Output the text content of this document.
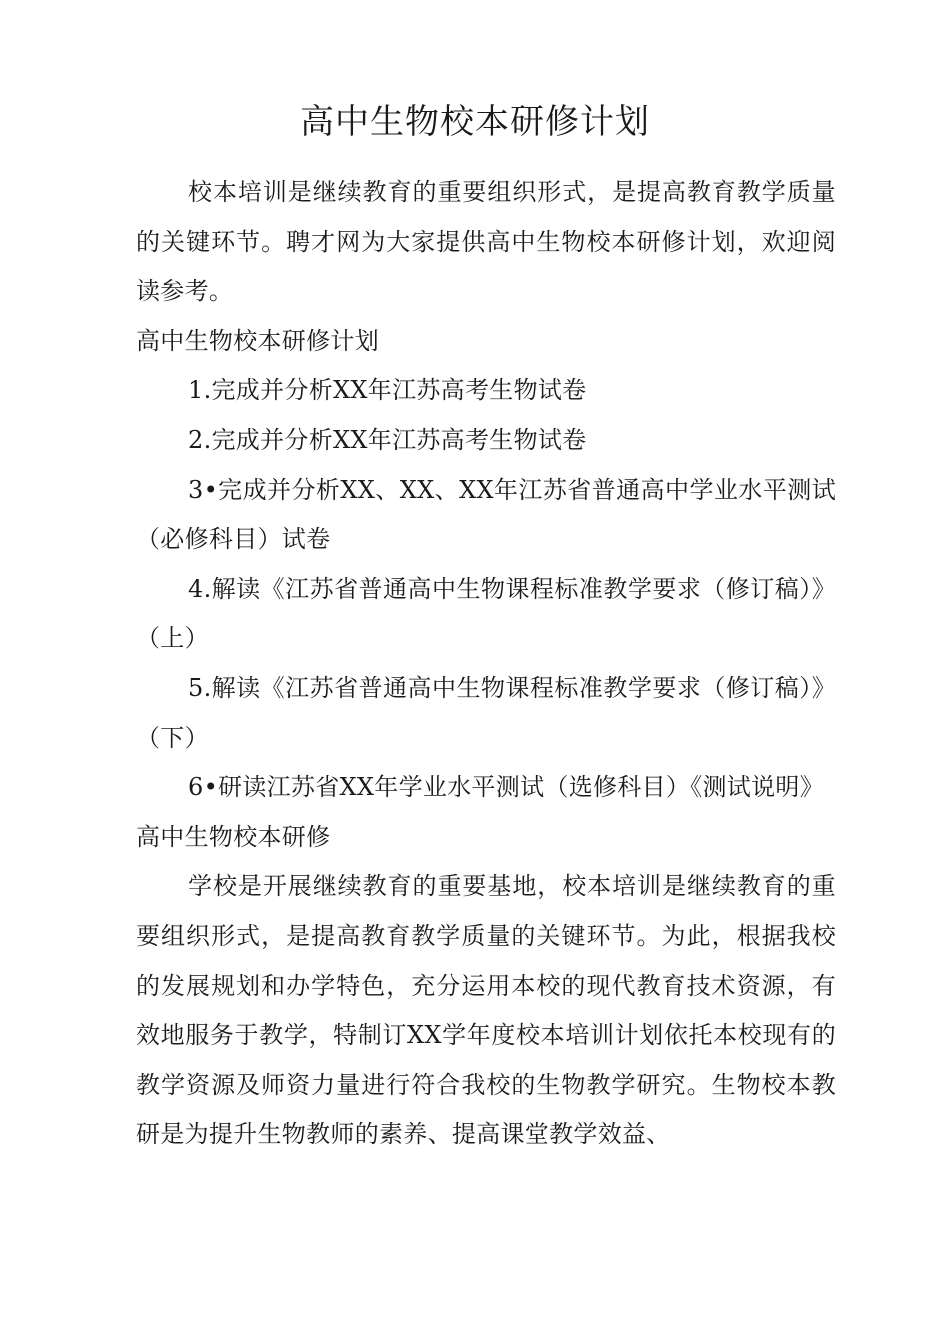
高中生物校本研修计划

校本培训是继续教育的重要组织形式，是提高教育教学质量的关键环节。聘才网为大家提供高中生物校本研修计划，欢迎阅读参考。

高中生物校本研修计划

1.完成并分析XX年江苏高考生物试卷

2.完成并分析XX年江苏高考生物试卷

3•完成并分析XX、XX、XX年江苏省普通高中学业水平测试（必修科目）试卷

4.解读《江苏省普通高中生物课程标准教学要求（修订稿）》（上）

5.解读《江苏省普通高中生物课程标准教学要求（修订稿）》（下）

6•研读江苏省XX年学业水平测试（选修科目）《测试说明》

高中生物校本研修

学校是开展继续教育的重要基地，校本培训是继续教育的重要组织形式，是提高教育教学质量的关键环节。为此，根据我校的发展规划和办学特色，充分运用本校的现代教育技术资源，有效地服务于教学，特制订XX学年度校本培训计划依托本校现有的教学资源及师资力量进行符合我校的生物教学研究。生物校本教研是为提升生物教师的素养、提高课堂教学效益、
